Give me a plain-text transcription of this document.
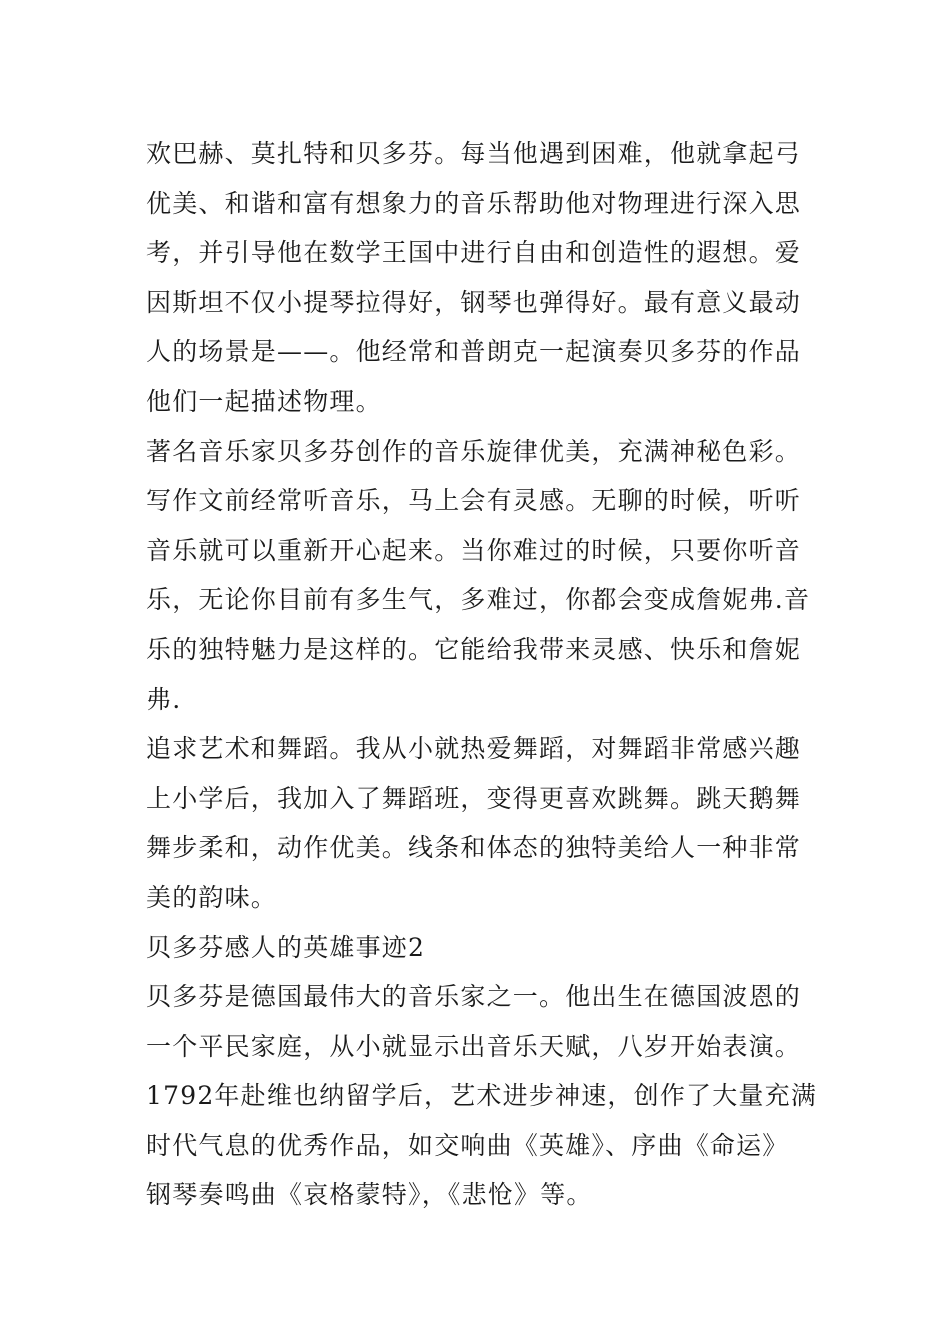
欢巴赫、莫扎特和贝多芬。每当他遇到困难，他就拿起弓
优美、和谐和富有想象力的音乐帮助他对物理进行深入思
考，并引导他在数学王国中进行自由和创造性的遐想。爱
因斯坦不仅小提琴拉得好，钢琴也弹得好。最有意义最动
人的场景是——。他经常和普朗克一起演奏贝多芬的作品
他们一起描述物理。
著名音乐家贝多芬创作的音乐旋律优美，充满神秘色彩。
写作文前经常听音乐，马上会有灵感。无聊的时候，听听
音乐就可以重新开心起来。当你难过的时候，只要你听音
乐，无论你目前有多生气，多难过，你都会变成詹妮弗.音
乐的独特魅力是这样的。它能给我带来灵感、快乐和詹妮
弗.
追求艺术和舞蹈。我从小就热爱舞蹈，对舞蹈非常感兴趣
上小学后，我加入了舞蹈班，变得更喜欢跳舞。跳天鹅舞
舞步柔和，动作优美。线条和体态的独特美给人一种非常
美的韵味。
贝多芬感人的英雄事迹2
贝多芬是德国最伟大的音乐家之一。他出生在德国波恩的
一个平民家庭，从小就显示出音乐天赋，八岁开始表演。
1792年赴维也纳留学后，艺术进步神速，创作了大量充满
时代气息的优秀作品，如交响曲《英雄》、序曲《命运》
钢琴奏鸣曲《哀格蒙特》，《悲怆》等。
